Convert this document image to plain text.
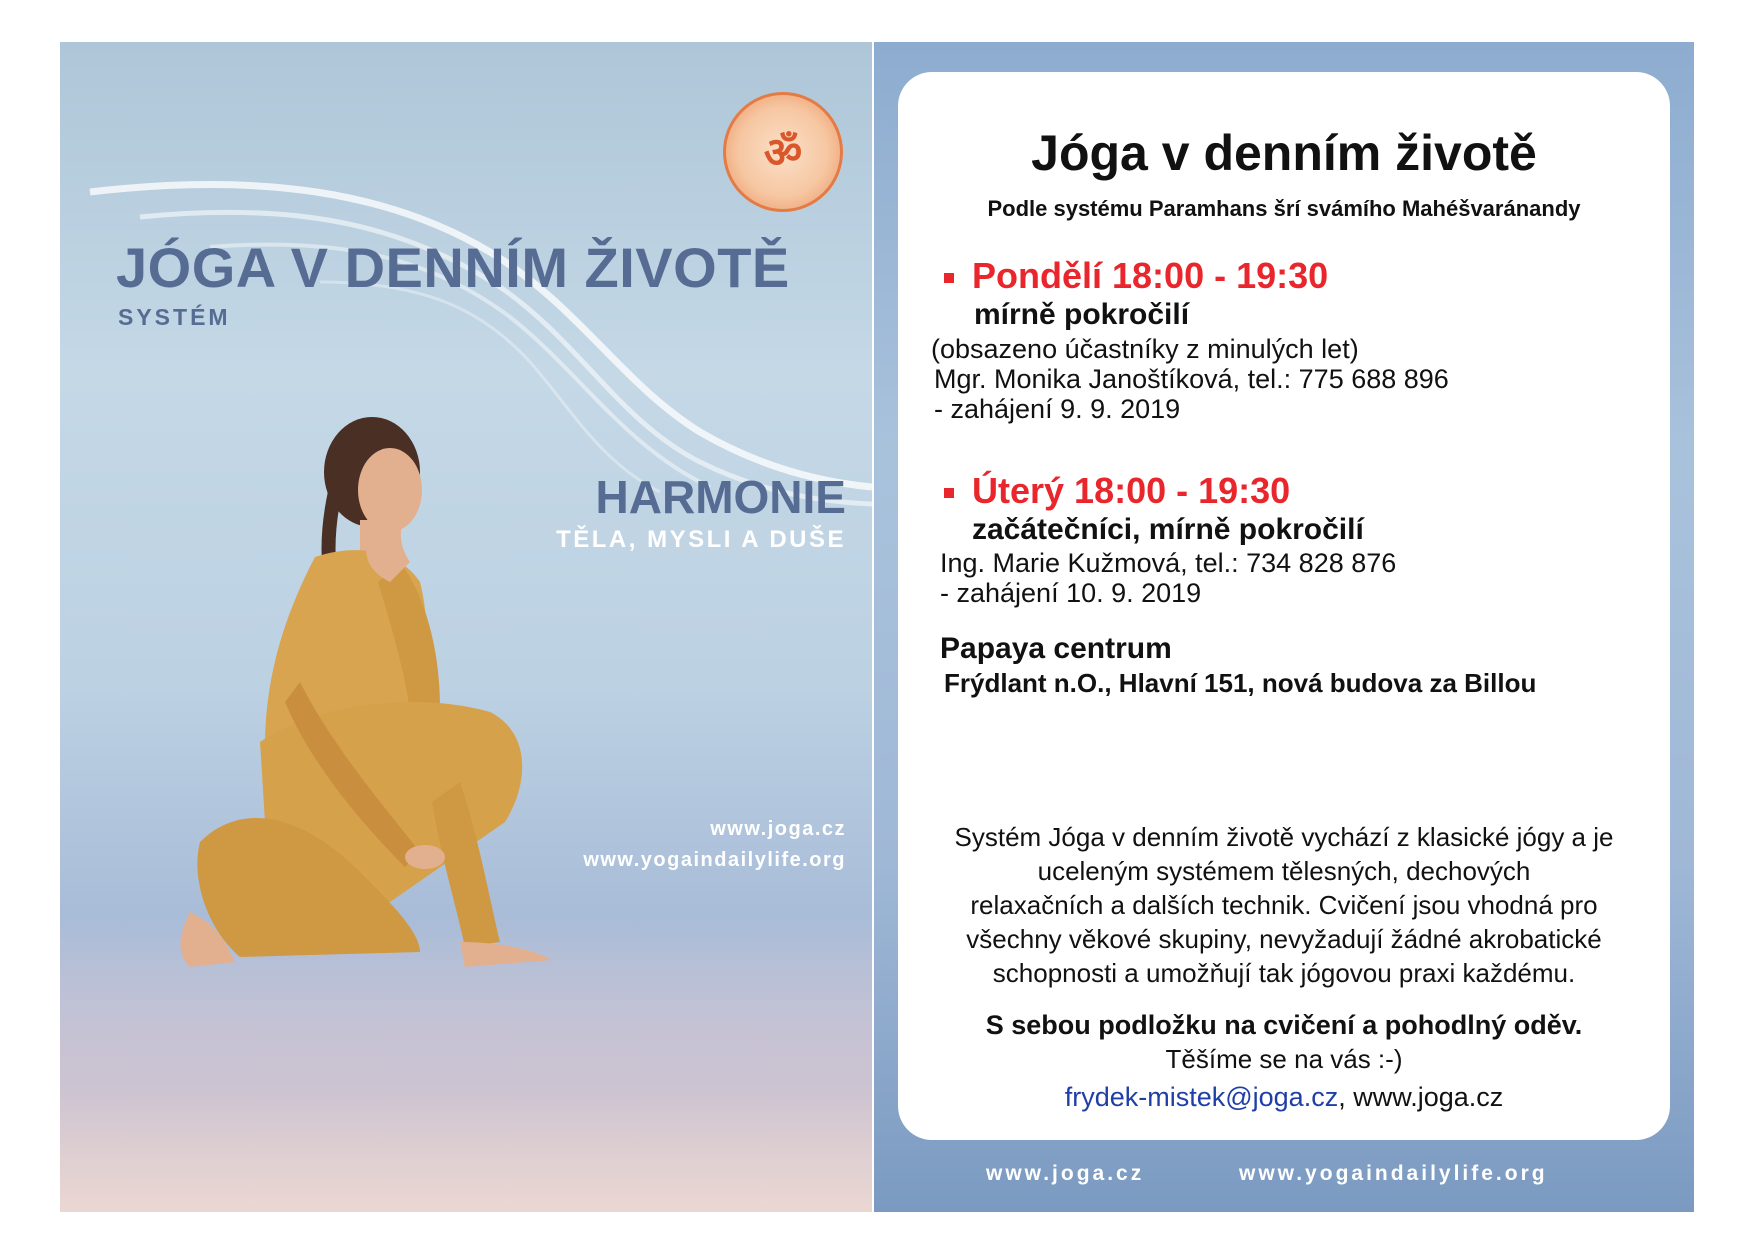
ॐ
JÓGA V DENNÍM ŽIVOTĚ
SYSTÉM
HARMONIE
TĚLA, MYSLI A DUŠE
www.joga.cz
www.yogaindailylife.org
Jóga v denním životě
Podle systému Paramhans šrí svámího Mahéšvaránandy
Pondělí 18:00 - 19:30
mírně pokročilí
(obsazeno účastníky z minulých let)
Mgr. Monika Janoštíková, tel.: 775 688 896
- zahájení 9. 9. 2019
Úterý 18:00 - 19:30
začátečníci, mírně pokročilí
Ing. Marie Kužmová, tel.: 734 828 876
- zahájení 10. 9. 2019
Papaya centrum
Frýdlant n.O., Hlavní 151, nová budova za Billou
Systém Jóga v denním životě vychází z klasické jógy a je
uceleným systémem tělesných, dechových
relaxačních a dalších technik. Cvičení jsou vhodná pro
všechny věkové skupiny, nevyžadují žádné akrobatické
schopnosti a umožňují tak jógovou praxi každému.
S sebou podložku na cvičení a pohodlný oděv.
Těšíme se na vás :-)
frydek-mistek@joga.cz, www.joga.cz
www.joga.cz	www.yogaindailylife.org
